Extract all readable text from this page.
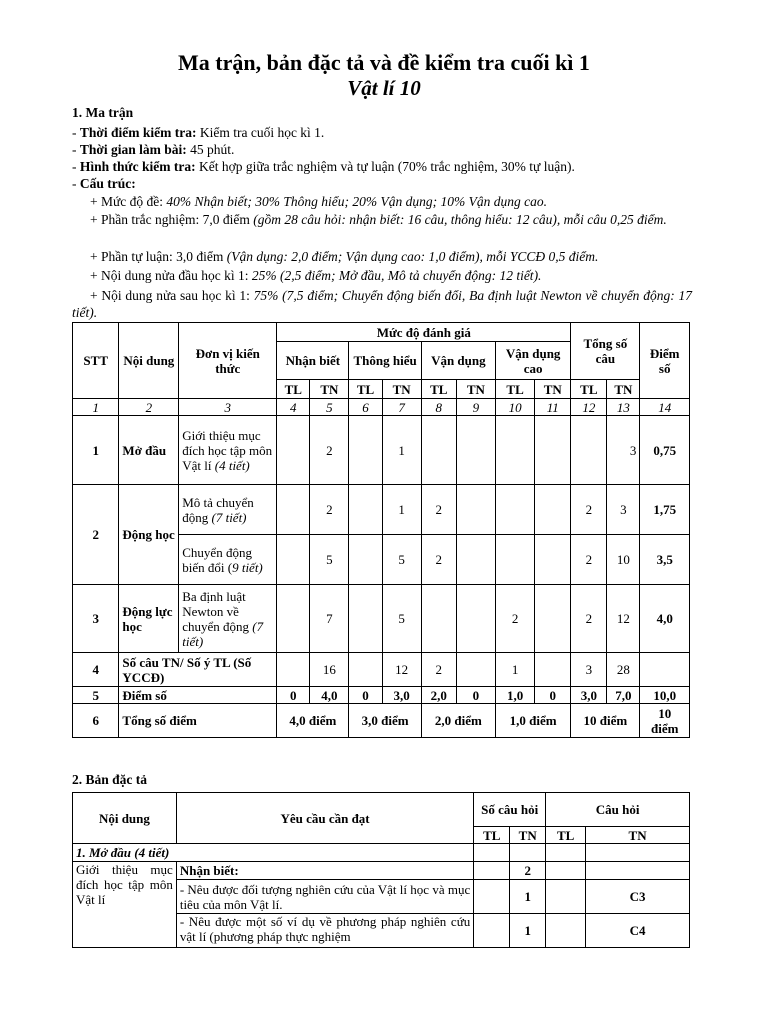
Ma trận, bản đặc tả và đề kiểm tra cuối kì 1
Vật lí 10
1. Ma trận
- Thời điểm kiểm tra: Kiểm tra cuối học kì 1.
- Thời gian làm bài: 45 phút.
- Hình thức kiểm tra: Kết hợp giữa trắc nghiệm và tự luận (70% trắc nghiệm, 30% tự luận).
- Cấu trúc:
+ Mức độ đề: 40% Nhận biết; 30% Thông hiểu; 20% Vận dụng; 10% Vận dụng cao.
+ Phần trắc nghiệm: 7,0 điểm (gồm 28 câu hỏi: nhận biết: 16 câu, thông hiểu: 12 câu), mỗi câu 0,25 điểm.
+ Phần tự luận: 3,0 điểm (Vận dụng: 2,0 điểm; Vận dụng cao: 1,0 điểm), mỗi YCCĐ 0,5 điểm.
+ Nội dung nửa đầu học kì 1: 25% (2,5 điểm; Mở đầu, Mô tả chuyển động: 12 tiết).
+ Nội dung nửa sau học kì 1: 75% (7,5 điểm; Chuyển động biến đổi, Ba định luật Newton về chuyển động: 17 tiết).
STT	Nội dung	Đơn vị kiến thức	Mức độ đánh giá								Tổng số câu		Điểm số
			Nhận biết		Thông hiểu		Vận dụng		Vận dụng cao				
			TL	TN	TL	TN	TL	TN	TL	TN	TL	TN	
1	2	3	4	5	6	7	8	9	10	11	12	13	14
1	Mở đầu	Giới thiệu mục đích học tập môn Vật lí (4 tiết)		2		1						3	0,75
2	Động học	Mô tả chuyển động (7 tiết)		2		1	2				2	3	1,75
		Chuyển động biến đổi (9 tiết)		5		5	2				2	10	3,5
3	Động lực học	Ba định luật Newton về chuyển động (7 tiết)		7		5			2		2	12	4,0
4	Số câu TN/ Số ý TL (Số YCCĐ)			16		12	2		1		3	28	
5	Điểm số		0	4,0	0	3,0	2,0	0	1,0	0	3,0	7,0	10,0
6	Tổng số điểm		4,0 điểm		3,0 điểm		2,0 điểm		1,0 điểm		10 điểm		10 điểm
2. Bản đặc tả
Nội dung	Yêu cầu cần đạt	Số câu hỏi		Câu hỏi	
		TL	TN	TL	TN
1. Mở đầu (4 tiết)					
Giới thiệu mục đích học tập môn Vật lí	Nhận biết:		2		
	- Nêu được đối tượng nghiên cứu của Vật lí học và mục tiêu của môn Vật lí.		1		C3
	- Nêu được một số ví dụ về phương pháp nghiên cứu vật lí (phương pháp thực nghiệm		1		C4
